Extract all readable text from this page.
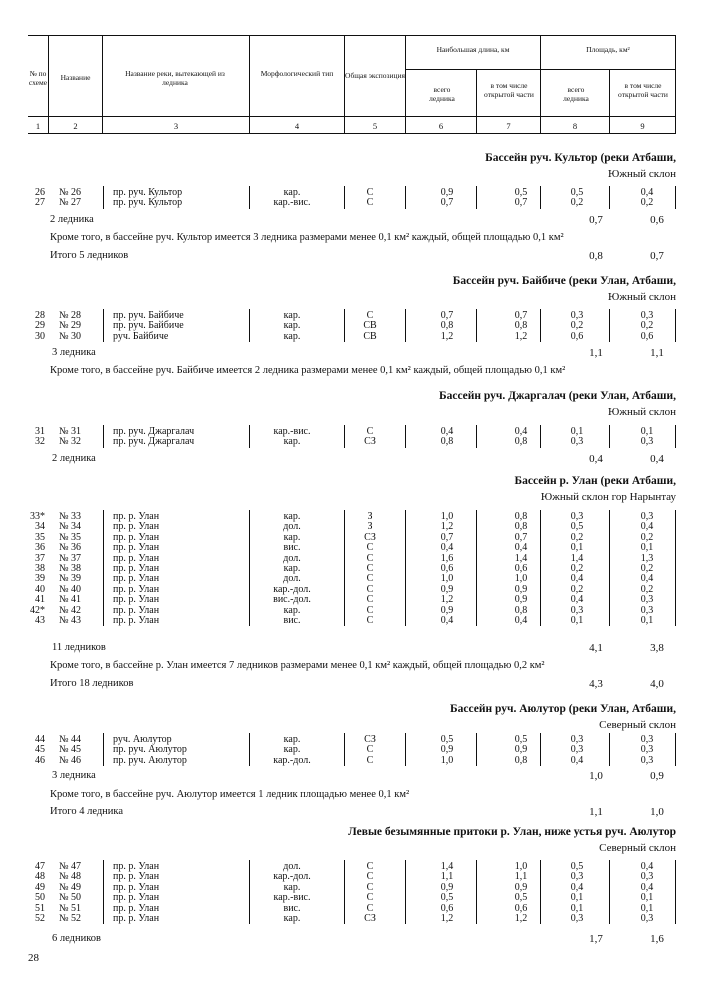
№ по схеме
Название	Название реки, вытекающей из ледника
Морфологический тип	Общая экспозиция
Наибольшая длина, км	Площадь, км²
всего ледника
в том числе открытой части
всего ледника
в том числе открытой части
1	2	3	4	5	6	7	8	9
Бассейн руч. Культор (реки Атбаши,
Южный склон
26 № 26	пр. руч. Культор	кар.	С	0,9	0,5	0,5	0,4
27 № 27	пр. руч. Культор	кар.-вис.	С	0,7	0,7	0,2	0,2
2 ледника	0,7	0,6
Кроме того, в бассейне руч. Культор имеется 3 ледника размерами менее 0,1 км² каждый, общей площадью 0,1 км²
Итого 5 ледников	0,8	0,7
Бассейн руч. Байбиче (реки Улан, Атбаши,
Южный склон
28 № 28	пр. руч. Байбиче	кар.	С	0,7	0,7	0,3	0,3
29 № 29	пр. руч. Байбиче	кар.	СВ	0,8	0,8	0,2	0,2
30 № 30	руч. Байбиче	кар.	СВ	1,2	1,2	0,6	0,6
3 ледника	1,1	1,1
Кроме того, в бассейне руч. Байбиче имеется 2 ледника размерами менее 0,1 км² каждый, общей площадью 0,1 км²
Бассейн руч. Джаргалач (реки Улан, Атбаши,
Южный склон
31 № 31	пр. руч. Джаргалач	кар.-вис.	С	0,4	0,4	0,1	0,1
32 № 32	пр. руч. Джаргалач	кар.	СЗ	0,8	0,8	0,3	0,3
2 ледника	0,4	0,4
Бассейн р. Улан (реки Атбаши,
Южный склон гор Нарынтау
33* № 33	пр. р. Улан	кар.	З	1,0	0,8	0,3	0,3
34 № 34	пр. р. Улан	дол.	З	1,2	0,8	0,5	0,4
35 № 35	пр. р. Улан	кар.	СЗ	0,7	0,7	0,2	0,2
36 № 36	пр. р. Улан	вис.	С	0,4	0,4	0,1	0,1
37 № 37	пр. р. Улан	дол.	С	1,6	1,4	1,4	1,3
38 № 38	пр. р. Улан	кар.	С	0,6	0,6	0,2	0,2
39 № 39	пр. р. Улан	дол.	С	1,0	1,0	0,4	0,4
40 № 40	пр. р. Улан	кар.-дол.	С	0,9	0,9	0,2	0,2
41 № 41	пр. р. Улан	вис.-дол.	С	1,2	0,9	0,4	0,3
42* № 42	пр. р. Улан	кар.	С	0,9	0,8	0,3	0,3
43 № 43	пр. р. Улан	вис.	С	0,4	0,4	0,1	0,1
11 ледников	4,1	3,8
Кроме того, в бассейне р. Улан имеется 7 ледников размерами менее 0,1 км² каждый, общей площадью 0,2 км²
Итого 18 ледников	4,3	4,0
Бассейн руч. Аюлутор (реки Улан, Атбаши,
Северный склон
44 № 44	руч. Аюлутор	кар.	СЗ	0,5	0,5	0,3	0,3
45 № 45	пр. руч. Аюлутор	кар.	С	0,9	0,9	0,3	0,3
46 № 46	пр. руч. Аюлутор	кар.-дол.	С	1,0	0,8	0,4	0,3
3 ледника	1,0	0,9
Кроме того, в бассейне руч. Аюлутор имеется 1 ледник площадью менее 0,1 км²
Итого 4 ледника	1,1	1,0
Левые безымянные притоки р. Улан, ниже устья руч. Аюлутор
Северный склон
47 № 47	пр. р. Улан	дол.	С	1,4	1,0	0,5	0,4
48 № 48	пр. р. Улан	кар.-дол.	С	1,1	1,1	0,3	0,3
49 № 49	пр. р. Улан	кар.	С	0,9	0,9	0,4	0,4
50 № 50	пр. р. Улан	кар.-вис.	С	0,5	0,5	0,1	0,1
51 № 51	пр. р. Улан	вис.	С	0,6	0,6	0,1	0,1
52 № 52	пр. р. Улан	кар.	СЗ	1,2	1,2	0,3	0,3
6 ледников	1,7	1,6
28
